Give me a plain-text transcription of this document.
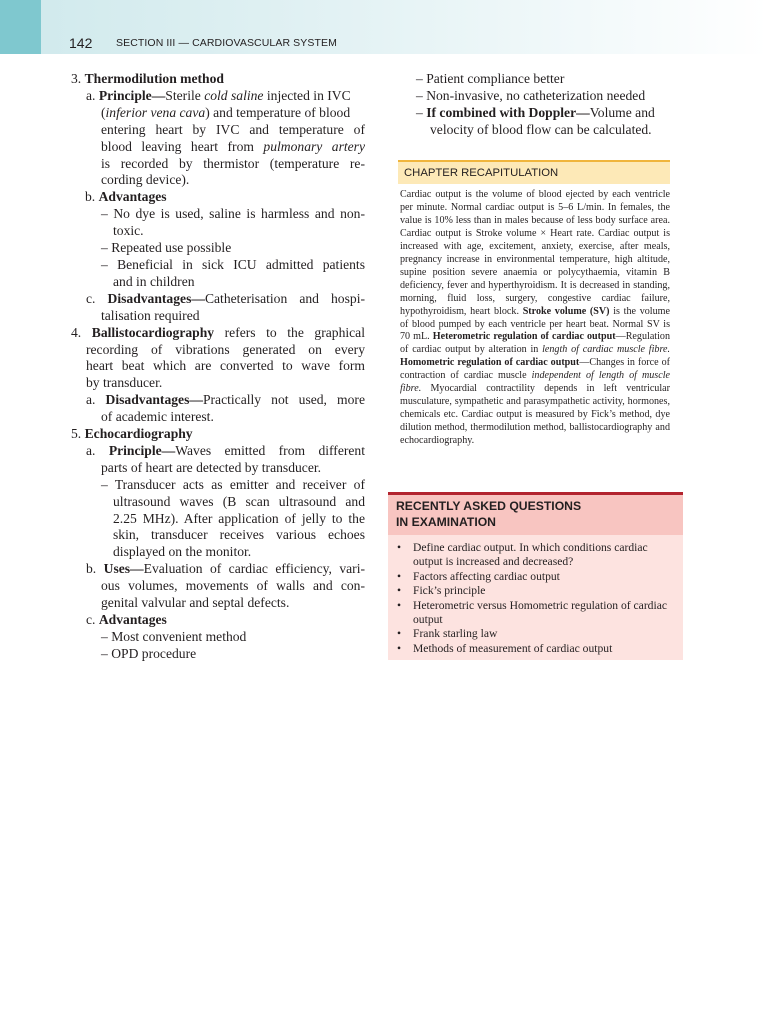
142 SECTION III — CARDIOVASCULAR SYSTEM
3. Thermodilution method
a. Principle—Sterile cold saline injected in IVC
(inferior vena cava) and temperature of blood
entering heart by IVC and temperature of
blood leaving heart from pulmonary artery
is recorded by thermistor (temperature re-
cording device).
b. Advantages
– No dye is used, saline is harmless and non-
toxic.
– Repeated use possible
– Beneficial in sick ICU admitted patients
and in children
c. Disadvantages—Catheterisation and hospi-
talisation required
4. Ballistocardiography refers to the graphical
recording of vibrations generated on every
heart beat which are converted to wave form
by transducer.
a. Disadvantages—Practically not used, more
of academic interest.
5. Echocardiography
a. Principle—Waves emitted from different
parts of heart are detected by transducer.
– Transducer acts as emitter and receiver of
ultrasound waves (B scan ultrasound and
2.25 MHz). After application of jelly to the
skin, transducer receives various echoes
displayed on the monitor.
b. Uses—Evaluation of cardiac efficiency, vari-
ous volumes, movements of walls and con-
genital valvular and septal defects.
c. Advantages
– Most convenient method
– OPD procedure
– Patient compliance better
– Non-invasive, no catheterization needed
– If combined with Doppler—Volume and
velocity of blood flow can be calculated.
CHAPTER RECAPITULATION
Cardiac output is the volume of blood ejected by each ventricle per minute. Normal cardiac output is 5–6 L/min. In females, the value is 10% less than in males because of less body surface area. Cardiac output is Stroke volume × Heart rate. Cardiac output is increased with age, excitement, anxiety, exercise, after meals, pregnancy increase in environmental temperature, high altitude, supine position severe anaemia or polycythaemia, vitamin B deficiency, fever and hyperthyroidism. It is decreased in standing, morning, fluid loss, surgery, congestive cardiac failure, hypothyroidism, heart block. Stroke volume (SV) is the volume of blood pumped by each ventricle per heart beat. Normal SV is 70 mL. Heterometric regulation of cardiac output—Regulation of cardiac output by alteration in length of cardiac muscle fibre. Homometric regulation of cardiac output—Changes in force of contraction of cardiac muscle independent of length of muscle fibre. Myocardial contractility depends in left ventricular musculature, sympathetic and parasympathetic activity, hormones, chemicals etc. Cardiac output is measured by Fick’s method, dye dilution method, thermodilution method, ballistocardiography and echocardiography.
RECENTLY ASKED QUESTIONS
IN EXAMINATION
• Define cardiac output. In which conditions cardiac output is increased and decreased?
• Factors affecting cardiac output
• Fick’s principle
• Heterometric versus Homometric regulation of cardiac output
• Frank starling law
• Methods of measurement of cardiac output
